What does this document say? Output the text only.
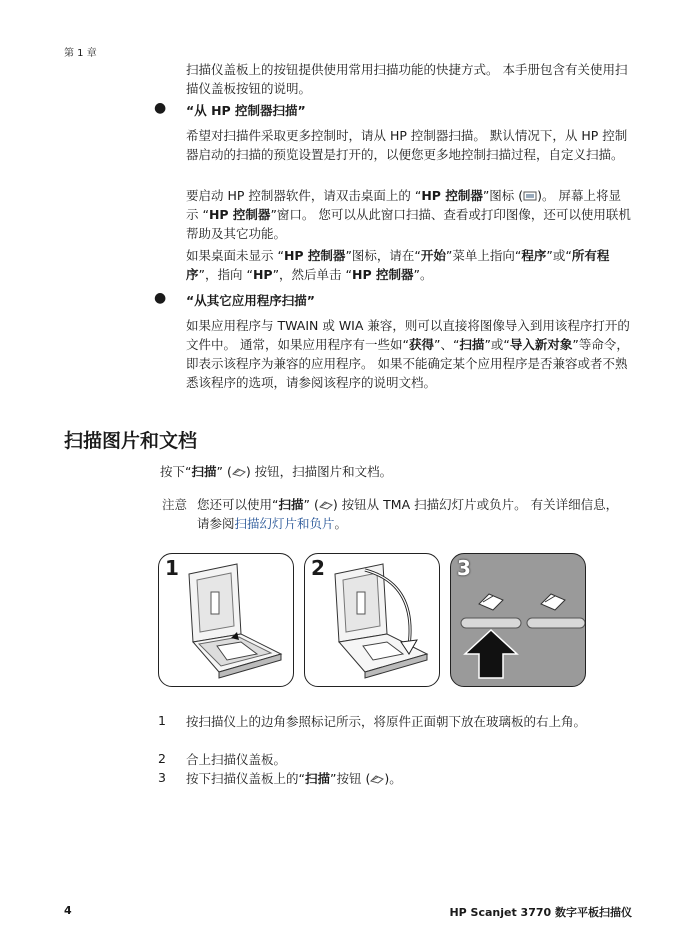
第 1 章
扫描仪盖板上的按钮提供使用常用扫描功能的快捷方式。 本手册包含有关使用扫描仪盖板按钮的说明。
● “从 HP 控制器扫描”
希望对扫描件采取更多控制时，请从 HP 控制器扫描。 默认情况下，从 HP 控制器启动的扫描的预览设置是打开的，以便您更多地控制扫描过程，自定义扫描。
要启动 HP 控制器软件，请双击桌面上的 “HP 控制器”图标 ( )。 屏幕上将显示 “HP 控制器”窗口。 您可以从此窗口扫描、查看或打印图像，还可以使用联机帮助及其它功能。
如果桌面未显示 “HP 控制器”图标，请在“开始”菜单上指向“程序”或“所有程序”，指向 “HP”，然后单击 “HP 控制器”。
● “从其它应用程序扫描”
如果应用程序与 TWAIN 或 WIA 兼容，则可以直接将图像导入到用该程序打开的文件中。 通常，如果应用程序有一些如“获得”、“扫描”或“导入新对象”等命令，即表示该程序为兼容的应用程序。 如果不能确定某个应用程序是否兼容或者不熟悉该程序的选项，请参阅该程序的说明文档。
扫描图片和文档
按下“扫描” ( ) 按钮，扫描图片和文档。
注意 您还可以使用“扫描” ( ) 按钮从 TMA 扫描幻灯片或负片。 有关详细信息，请参阅扫描幻灯片和负片。
1	2	3
1 按扫描仪上的边角参照标记所示，将原件正面朝下放在玻璃板的右上角。
2 合上扫描仪盖板。
3 按下扫描仪盖板上的“扫描”按钮 ( )。
4	HP Scanjet 3770 数字平板扫描仪
